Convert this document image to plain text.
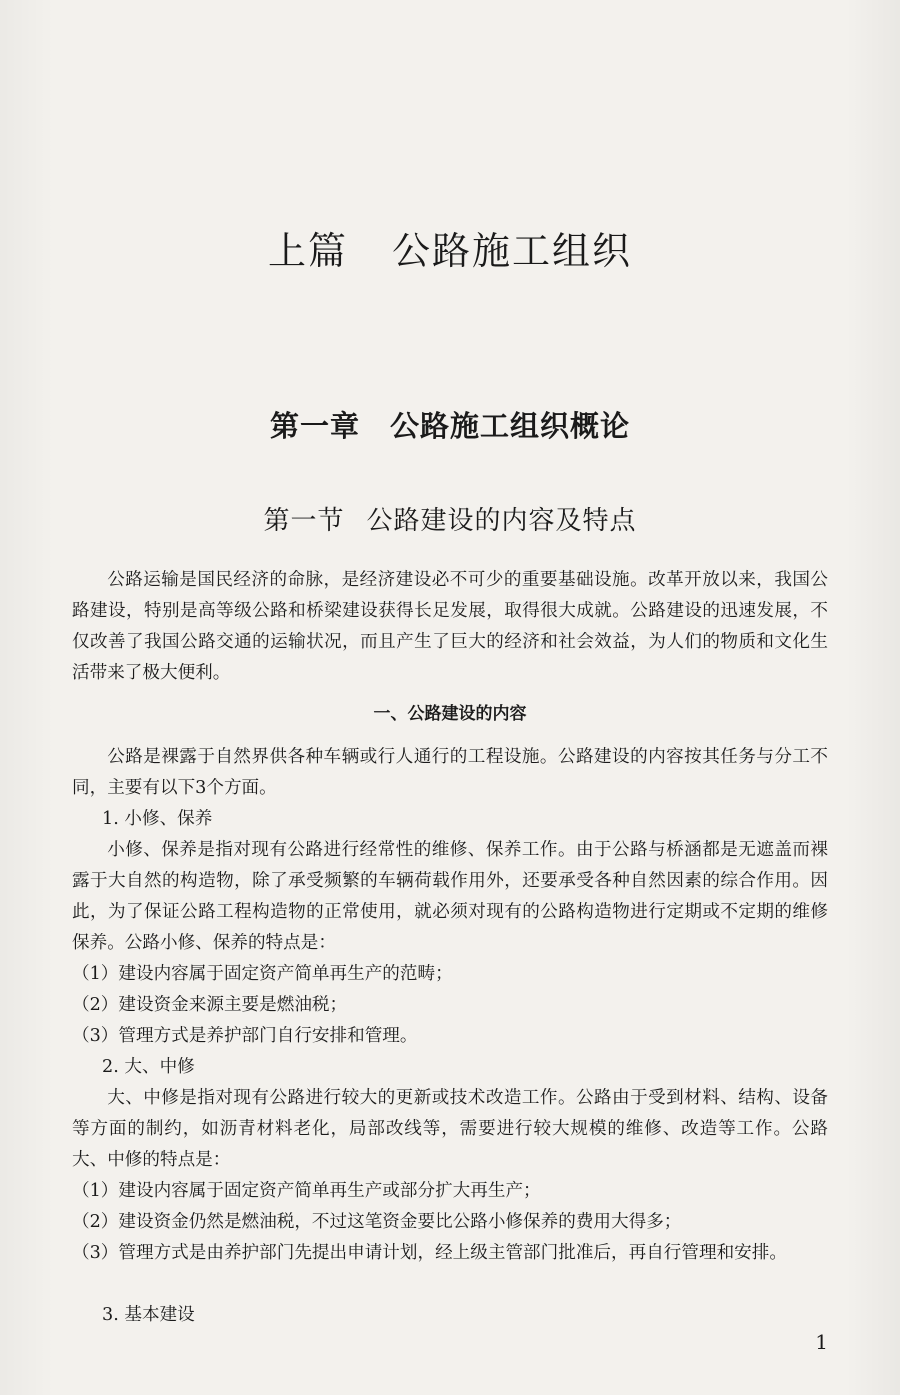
上篇 公路施工组织
第一章 公路施工组织概论
第一节 公路建设的内容及特点

公路运输是国民经济的命脉，是经济建设必不可少的重要基础设施。改革开放以来，我国公路建设，特别是高等级公路和桥梁建设获得长足发展，取得很大成就。公路建设的迅速发展，不仅改善了我国公路交通的运输状况，而且产生了巨大的经济和社会效益，为人们的物质和文化生活带来了极大便利。

一、公路建设的内容

公路是裸露于自然界供各种车辆或行人通行的工程设施。公路建设的内容按其任务与分工不同，主要有以下3个方面。

1. 小修、保养

小修、保养是指对现有公路进行经常性的维修、保养工作。由于公路与桥涵都是无遮盖而裸露于大自然的构造物，除了承受频繁的车辆荷载作用外，还要承受各种自然因素的综合作用。因此，为了保证公路工程构造物的正常使用，就必须对现有的公路构造物进行定期或不定期的维修保养。公路小修、保养的特点是：

（1）建设内容属于固定资产简单再生产的范畴；
（2）建设资金来源主要是燃油税；
（3）管理方式是养护部门自行安排和管理。
2. 大、中修

大、中修是指对现有公路进行较大的更新或技术改造工作。公路由于受到材料、结构、设备等方面的制约，如沥青材料老化，局部改线等，需要进行较大规模的维修、改造等工作。公路大、中修的特点是：

（1）建设内容属于固定资产简单再生产或部分扩大再生产；
（2）建设资金仍然是燃油税，不过这笔资金要比公路小修保养的费用大得多；

（3）管理方式是由养护部门先提出申请计划，经上级主管部门批准后，再自行管理和安排。

3. 基本建设
1
